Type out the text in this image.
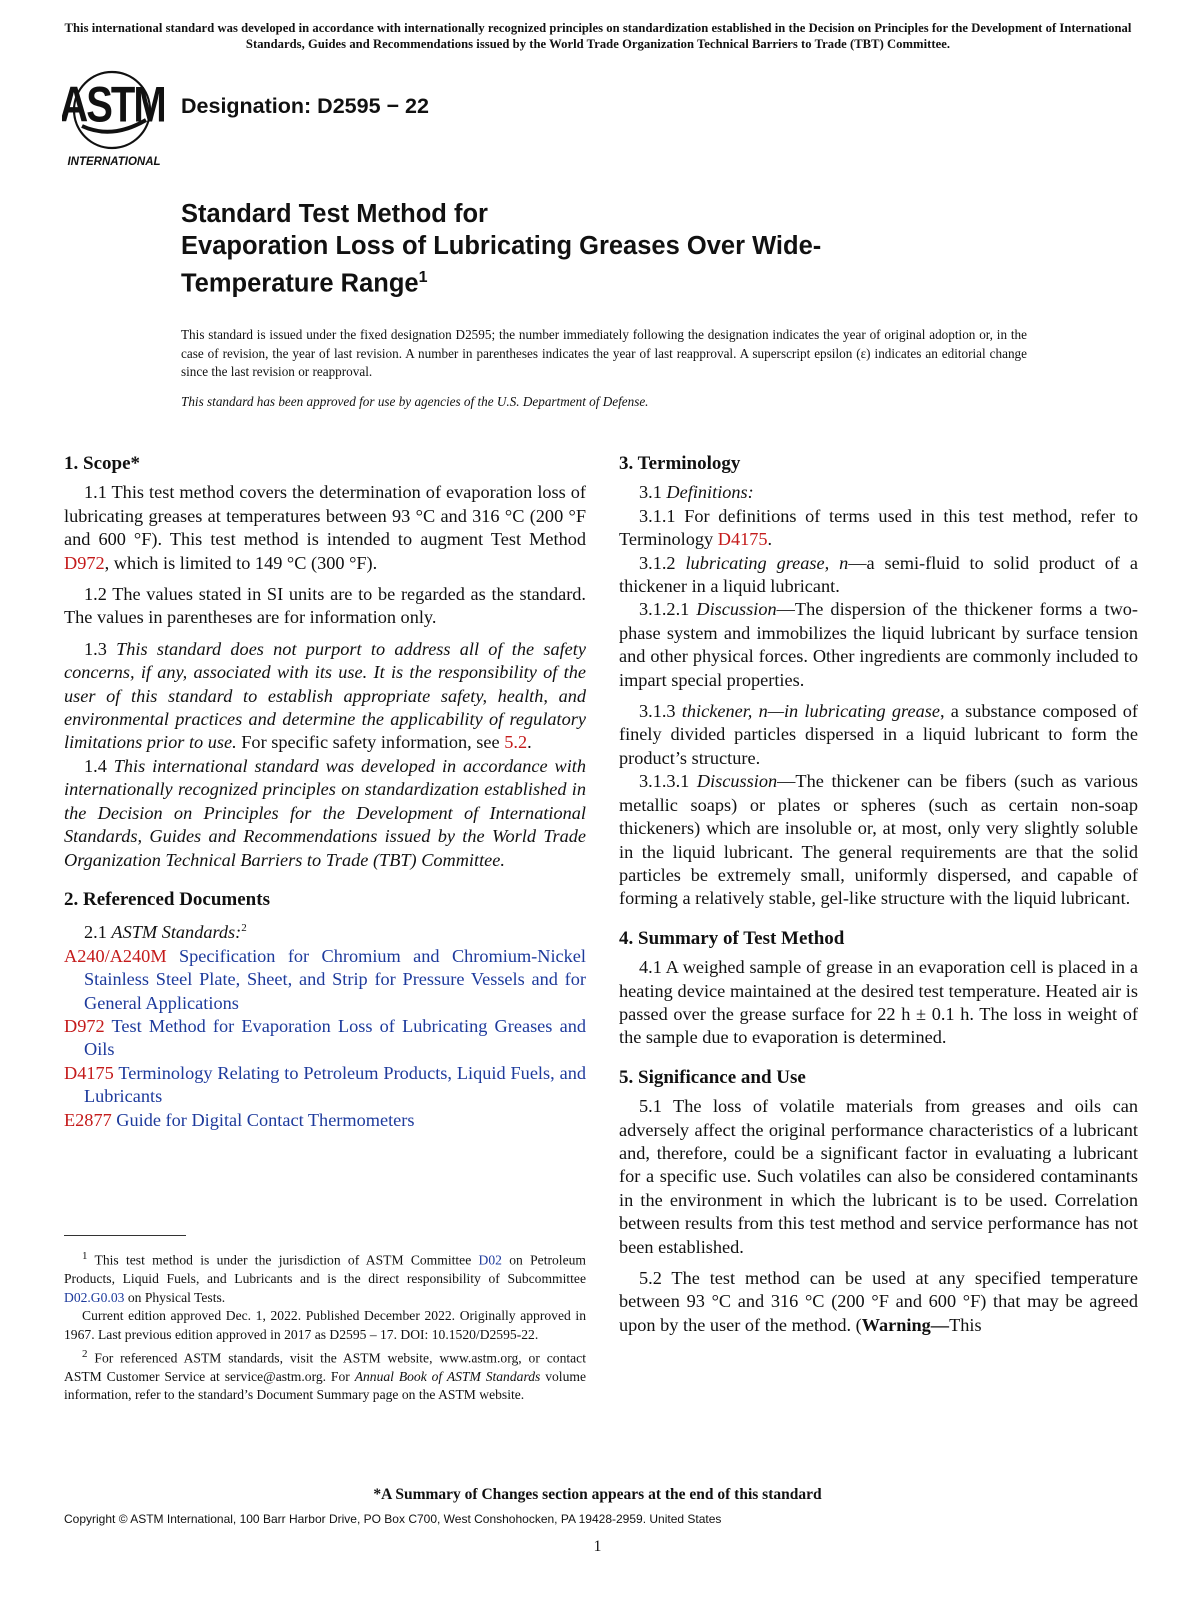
This international standard was developed in accordance with internationally recognized principles on standardization established in the Decision on Principles for the Development of International Standards, Guides and Recommendations issued by the World Trade Organization Technical Barriers to Trade (TBT) Committee.
ASTM
INTERNATIONAL
Designation: D2595 − 22
Standard Test Method for
Evaporation Loss of Lubricating Greases Over Wide-
Temperature Range$^1$
This standard is issued under the fixed designation D2595; the number immediately following the designation indicates the year of original adoption or, in the case of revision, the year of last revision. A number in parentheses indicates the year of last reapproval. A superscript epsilon (ε) indicates an editorial change since the last revision or reapproval.
This standard has been approved for use by agencies of the U.S. Department of Defense.
1. Scope*

1.1 This test method covers the determination of evaporation loss of lubricating greases at temperatures between 93 °C and 316 °C (200 °F and 600 °F). This test method is intended to augment Test Method D972, which is limited to 149 °C (300 °F).

1.2 The values stated in SI units are to be regarded as the standard. The values in parentheses are for information only.

1.3 This standard does not purport to address all of the safety concerns, if any, associated with its use. It is the responsibility of the user of this standard to establish appropriate safety, health, and environmental practices and determine the applicability of regulatory limitations prior to use. For specific safety information, see 5.2.

1.4 This international standard was developed in accordance with internationally recognized principles on standardization established in the Decision on Principles for the Development of International Standards, Guides and Recommendations issued by the World Trade Organization Technical Barriers to Trade (TBT) Committee.

2. Referenced Documents

2.1 ASTM Standards:$^2$

A240/A240M Specification for Chromium and Chromium-Nickel Stainless Steel Plate, Sheet, and Strip for Pressure Vessels and for General Applications

D972 Test Method for Evaporation Loss of Lubricating Greases and Oils

D4175 Terminology Relating to Petroleum Products, Liquid Fuels, and Lubricants

E2877 Guide for Digital Contact Thermometers

$^1$ This test method is under the jurisdiction of ASTM Committee D02 on Petroleum Products, Liquid Fuels, and Lubricants and is the direct responsibility of Subcommittee D02.G0.03 on Physical Tests.

Current edition approved Dec. 1, 2022. Published December 2022. Originally approved in 1967. Last previous edition approved in 2017 as D2595 – 17. DOI: 10.1520/D2595-22.

$^2$ For referenced ASTM standards, visit the ASTM website, www.astm.org, or contact ASTM Customer Service at service@astm.org. For Annual Book of ASTM Standards volume information, refer to the standard’s Document Summary page on the ASTM website.

3. Terminology

3.1 Definitions:

3.1.1 For definitions of terms used in this test method, refer to Terminology D4175.

3.1.2 lubricating grease, n—a semi-fluid to solid product of a thickener in a liquid lubricant.

3.1.2.1 Discussion—The dispersion of the thickener forms a two-phase system and immobilizes the liquid lubricant by surface tension and other physical forces. Other ingredients are commonly included to impart special properties.

3.1.3 thickener, n—in lubricating grease, a substance composed of finely divided particles dispersed in a liquid lubricant to form the product’s structure.

3.1.3.1 Discussion—The thickener can be fibers (such as various metallic soaps) or plates or spheres (such as certain non-soap thickeners) which are insoluble or, at most, only very slightly soluble in the liquid lubricant. The general requirements are that the solid particles be extremely small, uniformly dispersed, and capable of forming a relatively stable, gel-like structure with the liquid lubricant.

4. Summary of Test Method

4.1 A weighed sample of grease in an evaporation cell is placed in a heating device maintained at the desired test temperature. Heated air is passed over the grease surface for 22 h ± 0.1 h. The loss in weight of the sample due to evaporation is determined.

5. Significance and Use

5.1 The loss of volatile materials from greases and oils can adversely affect the original performance characteristics of a lubricant and, therefore, could be a significant factor in evaluating a lubricant for a specific use. Such volatiles can also be considered contaminants in the environment in which the lubricant is to be used. Correlation between results from this test method and service performance has not been established.

5.2 The test method can be used at any specified temperature between 93 °C and 316 °C (200 °F and 600 °F) that may be agreed upon by the user of the method. (Warning—This

*A Summary of Changes section appears at the end of this standard
Copyright © ASTM International, 100 Barr Harbor Drive, PO Box C700, West Conshohocken, PA 19428-2959. United States
1
